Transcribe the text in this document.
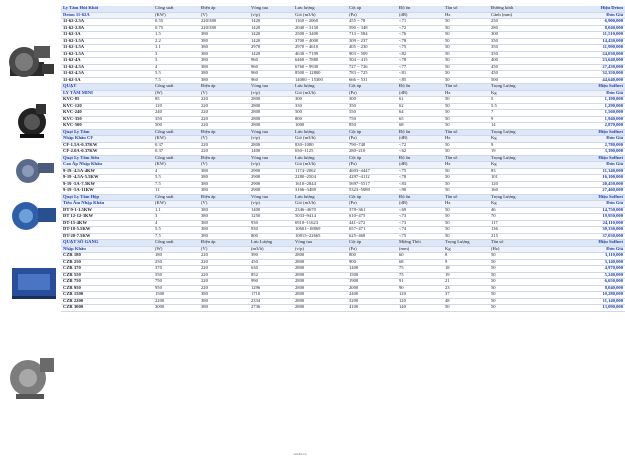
Ly Tâm Hút Khói	Công suất	Điện áp	Vòng tua	Lưu lượng	Cột áp	Độ ồn	Tần số	Đường kính	Hiệu Deton
Deton 11-62A	(KW)	(V)	(v/p)	Gió (m3/h)	(Pa)	(dB)	Hz	Cánh (mm)	Đơn Giá
11-62-2.5A	0.55	220/380	1420	1160 ~ 2060	455 ~ 78	<71	50	250	6,900,000
11-62-2.8A	0.75	220/380	1420	2040 ~ 3150	590 ~ 348	<72	50	280	8,040,000
11-62-3A	1.5	380	1420	2500 ~ 3400	713 ~ 584	<76	50	300	11,510,000
11-62-3.5A	2.2	380	1420	3700 ~ 4000	309 ~ 237	<78	50	350	14,430,000
11-62-3.5A	1.1	380	2970	2970 ~ 4610	405 ~ 230	<75	50	350	11,990,000
11-62-3.5A	3	380	1420	4630 ~ 7199	903 ~ 509	<82	50	350	24,030,000
11-62-4A	3	380	960	6460 ~ 7880	504 ~ 415	<78	50	400	23,640,000
11-62-4.5A	4	380	960	6760 ~ 9930	727 ~ 726	<77	50	450	27,430,000
11-62-4.5A	5.5	380	960	8500 ~ 12800	783 ~ 725	<81	50	450	32,350,000
11-62-5A	7.5	380	960	14000 ~ 15300	666 ~ 531	<85	50	500	44,640,000
QUẠT	Công suất	Điện áp	Vòng tua	Lưu lượng	Cột áp	Độ ồn	Tần số	Trọng Lượng	Hiệu Soffnet
LY TÂM MINI	(W)	(V)	(v/p)	Gió (m3/h)	(Pa)	(dB)	Hz	Kg	Đơn Giá
KVC-85	85	220	2800	300	300	61	50	5	1,190,000
KVC-120	120	220	2800	330	350	62	50	5.5	1,290,000
KVC-240	240	220	2800	500	550	64	50	7	1,560,000
KVC-350	350	220	2800	800	750	65	50	9	1,940,000
KVC-500	500	220	2800	1000	850	68	50	14	2,870,000
Quạt Ly Tâm	Công suất	Điện áp	Vòng tua	Lưu lượng	Cột áp	Độ ồn	Tần số	Trọng Lượng	Hiệu Soffnet
Nhập Khẩu CF	(KW)	(V)	(v/p)	Gió (m3/h)	(Pa)	(dB)	Hz	Kg	Đơn Giá
CF-1.5A-0.37KW	0.37	220	2800	830~1080	790~748	<72	50	9	2,780,000
CF-2.0A-0.37KW	0.37	220	1400	650~1125	280~210	<62	50	19	3,390,000
Quạt Ly Tâm Siêu	Công suất	Điện áp	Vòng tua	Lưu lượng	Cột áp	Độ ồn	Tần số	Trọng Lượng	Hiệu Soffnet
Cao Áp Nhập Khẩu	(KW)	(V)	(v/p)	Gió (m3/h)	(Pa)	(dB)	Hz	Kg	Đơn Giá
9-19 -4.5A-4KW	4	380	2900	1174~2062	4603~4447	<75	50	83	11,340,000
9-19 -4.5A-5.5KW	5.5	380	2900	2280~2504	4297~4112	<78	50	101	16,100,000
9-19 -5A-7.5KW	7.5	380	2900	1610~2844	5697~5517	<83	50	120	20,450,000
9-19 -5A-11KW	11	380	2900	3166~3488	5323~5080	<90	50	160	27,460,000
Quạt Ly Tâm Hộp	Công suất	Điện áp	Vòng tua	Lưu lượng	Cột áp	Độ ồn	Tần số	Trọng Lượng	Hiệu Soffnet
Tiêu Âm Nhập Khẩu	(KW)	(V)	(v/p)	Gió (m3/h)	(Pa)	(dB)	Hz	Kg	Đơn Giá
DT 9-1-1.5KW	1.1	380	1400	2346~4670	378~361	<69	50	46	14,750,000
DT 12-12-3KW	3	380	1250	5033~9414	610~475	<73	50	70	19,950,000
DT-15-4KW	4	380	930	6910~11623	441~272	<73	50	117	24,110,000
DT-18-5.5KW	5.5	380	930	10601~18869	657~471	<74	50	136	30,330,000
DT-20-7.5KW	7.5	380	800	10815~22665	625~468	<75	50	215	37,030,000
QUẠT SÒ GANG	Công suất	Điện áp	Lưu Lượng	Vòng tua	Cột áp	Miệng Thổi	Trọng Lượng	Tần số	Hiệu Soffnet
Nhập Khẩu	(W)	(V)	(m3/h)	(v/p)	(Pa)	(mm)	Kg	(Hz)	Đơn Giá
CZR 180	180	220	390	2800	800	60	8	50	3,110,000
CZR 250	250	220	450	2800	900	68	9	50	3,140,000
CZR 370	370	220	630	2800	1400	75	18	50	4,970,000
CZR 550	550	220	852	2800	1500	75	19	50	5,240,000
CZR 750	750	220	990	2800	1900	91	21	50	6,650,000
CZR 950	950	220	1296	2800	2000	90	23	50	8,040,000
CZR 1500	1500	380	1710	2800	2400	120	37	50	10,280,000
CZR 2200	2200	380	2334	2800	3200	120	48	50	11,140,000
CZR 3000	3000	380	2736	2800	4100	140	50	50	13,090,000
amobi.vn
